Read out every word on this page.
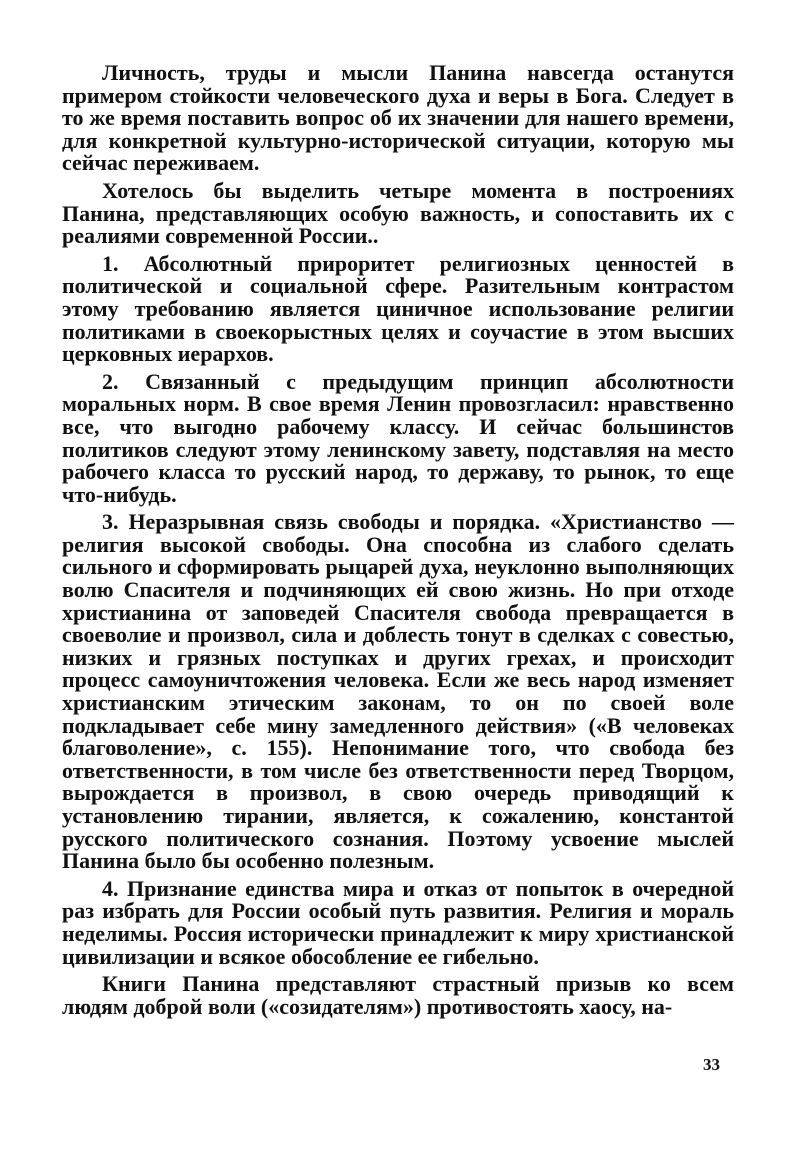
Личность, труды и мысли Панина навсегда останутся примером стойкости человеческого духа и веры в Бога. Следует в то же время поставить вопрос об их значении для нашего времени, для конкретной культурно-исторической ситуации, которую мы сейчас переживаем.

Хотелось бы выделить четыре момента в построениях Панина, представляющих особую важность, и сопоставить их с реалиями современной России..

1. Абсолютный прироритет религиозных ценностей в политической и социальной сфере. Разительным контрастом этому требованию является циничное использование религии политиками в своекорыстных целях и соучастие в этом высших церковных иерархов.

2. Связанный с предыдущим принцип абсолютности моральных норм. В свое время Ленин провозгласил: нравственно все, что выгодно рабочему классу. И сейчас большинстов политиков следуют этому ленинскому завету, подставляя на место рабочего класса то русский народ, то державу, то рынок, то еще что-нибудь.

3. Неразрывная связь свободы и порядка. «Христианство — религия высокой свободы. Она способна из слабого сделать сильного и сформировать рыцарей духа, неуклонно выполняющих волю Спасителя и подчиняющих ей свою жизнь. Но при отходе христианина от заповедей Спасителя свобода превращается в своеволие и произвол, сила и доблесть тонут в сделках с совестью, низких и грязных поступках и других грехах, и происходит процесс самоуничтожения человека. Если же весь народ изменяет христианским этическим законам, то он по своей воле подкладывает себе мину замедленного действия» («В человеках благоволение», с. 155). Непонимание того, что свобода без ответственности, в том числе без ответственности перед Творцом, вырождается в произвол, в свою очередь приводящий к установлению тирании, является, к сожалению, константой русского политического сознания. Поэтому усвоение мыслей Панина было бы особенно полезным.

4. Признание единства мира и отказ от попыток в очередной раз избрать для России особый путь развития. Религия и мораль неделимы. Россия исторически принадлежит к миру христианской цивилизации и всякое обособление ее гибельно.

Книги Панина представляют страстный призыв ко всем людям доброй воли («созидателям») противостоять хаосу, на-

33
